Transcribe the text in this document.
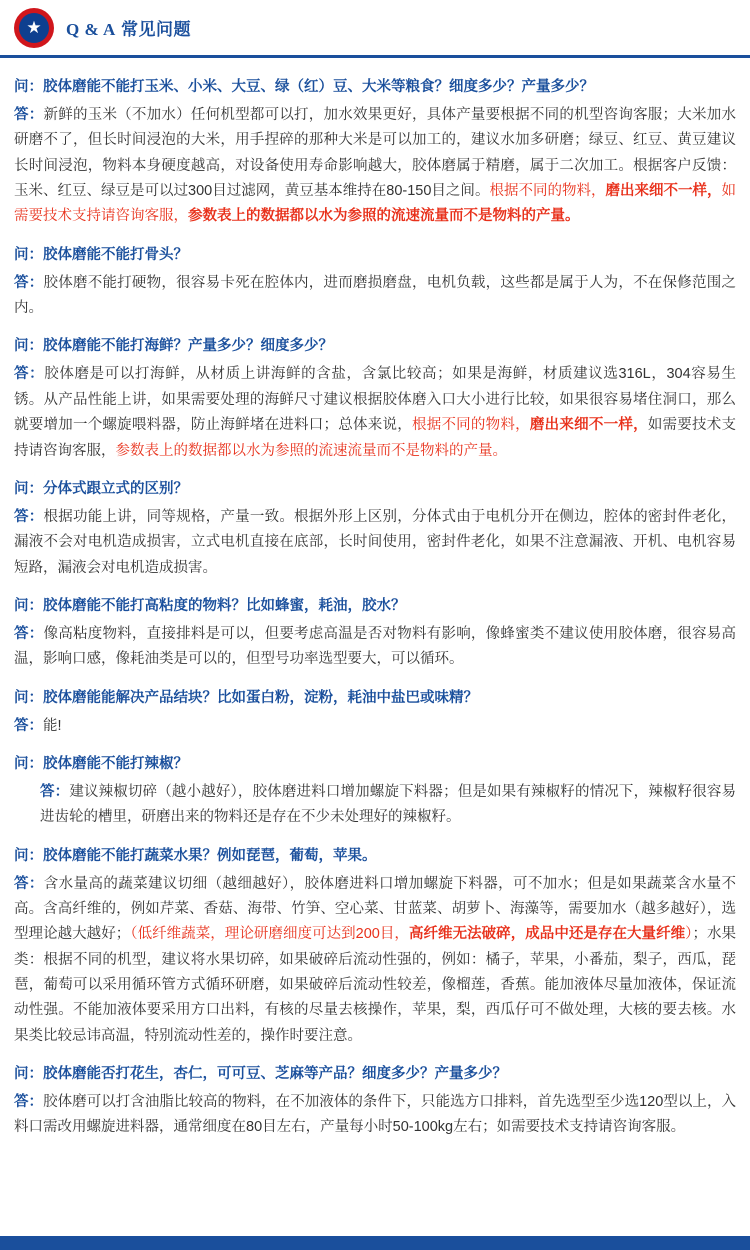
★ Q & A 常见问题
问：胶体磨能不能打玉米、小米、大豆、绿（红）豆、大米等粮食？细度多少？产量多少？
答：新鲜的玉米（不加水）任何机型都可以打，加水效果更好，具体产量要根据不同的机型咨询客服；大米加水研磨不了，但长时间浸泡的大米，用手捏碎的那种大米是可以加工的，建议水加多研磨；绿豆、红豆、黄豆建议长时间浸泡，物料本身硬度越高，对设备使用寿命影响越大，胶体磨属于精磨，属于二次加工。根据客户反馈：玉米、红豆、绿豆是可以过300目过滤网，黄豆基本维持在80-150目之间。根据不同的物料，磨出来细不一样，如需要技术支持请咨询客服，参数表上的数据都以水为参照的流速流量而不是物料的产量。
问：胶体磨能不能打骨头？
答：胶体磨不能打硬物，很容易卡死在腔体内，进而磨损磨盘，电机负载，这些都是属于人为，不在保修范围之内。
问：胶体磨能不能打海鲜？产量多少？细度多少？
答：胶体磨是可以打海鲜，从材质上讲海鲜的含盐，含氯比较高；如果是海鲜，材质建议选316L，304容易生锈。从产品性能上讲，如果需要处理的海鲜尺寸建议根据胶体磨入口大小进行比较，如果很容易堵住洞口，那么就要增加一个螺旋喂料器，防止海鲜堵在进料口；总体来说，根据不同的物料，磨出来细不一样，如需要技术支持请咨询客服，参数表上的数据都以水为参照的流速流量而不是物料的产量。
问：分体式跟立式的区别？
答：根据功能上讲，同等规格，产量一致。根据外形上区别，分体式由于电机分开在侧边，腔体的密封件老化，漏液不会对电机造成损害，立式电机直接在底部，长时间使用，密封件老化，如果不注意漏液、开机、电机容易短路，漏液会对电机造成损害。
问：胶体磨能不能打高粘度的物料？比如蜂蜜，耗油，胶水？
答：像高粘度物料，直接排料是可以，但要考虑高温是否对物料有影响，像蜂蜜类不建议使用胶体磨，很容易高温，影响口感，像耗油类是可以的，但型号功率选型要大，可以循环。
问：胶体磨能能解决产品结块？比如蛋白粉，淀粉，耗油中盐巴或味精？
答：能!
问：胶体磨能不能打辣椒？
答：建议辣椒切碎（越小越好），胶体磨进料口增加螺旋下料器；但是如果有辣椒籽的情况下，辣椒籽很容易进齿轮的槽里，研磨出来的物料还是存在不少未处理好的辣椒籽。
问：胶体磨能不能打蔬菜水果？例如琵琶，葡萄，苹果。
答：含水量高的蔬菜建议切细（越细越好），胶体磨进料口增加螺旋下料器，可不加水；但是如果蔬菜含水量不高。含高纤维的，例如芹菜、香菇、海带、竹笋、空心菜、甘蓝菜、胡萝卜、海藻等，需要加水（越多越好），选型理论越大越好；（低纤维蔬菜，理论研磨细度可达到200目，高纤维无法破碎，成品中还是存在大量纤维）；水果类：根据不同的机型，建议将水果切碎，如果破碎后流动性强的，例如：橘子，苹果，小番茄，梨子，西瓜，琵琶，葡萄可以采用循环管方式循环研磨，如果破碎后流动性较差，像榴莲，香蕉。能加液体尽量加液体，保证流动性强。不能加液体要采用方口出料，有核的尽量去核操作，苹果，梨，西瓜仔可不做处理，大核的要去核。水果类比较忌讳高温，特别流动性差的，操作时要注意。
问：胶体磨能否打花生，杏仁，可可豆、芝麻等产品？细度多少？产量多少？
答：胶体磨可以打含油脂比较高的物料，在不加液体的条件下，只能选方口排料，首先选型至少选120型以上，入料口需改用螺旋进料器，通常细度在80目左右，产量每小时50-100kg左右；如需要技术支持请咨询客服。
